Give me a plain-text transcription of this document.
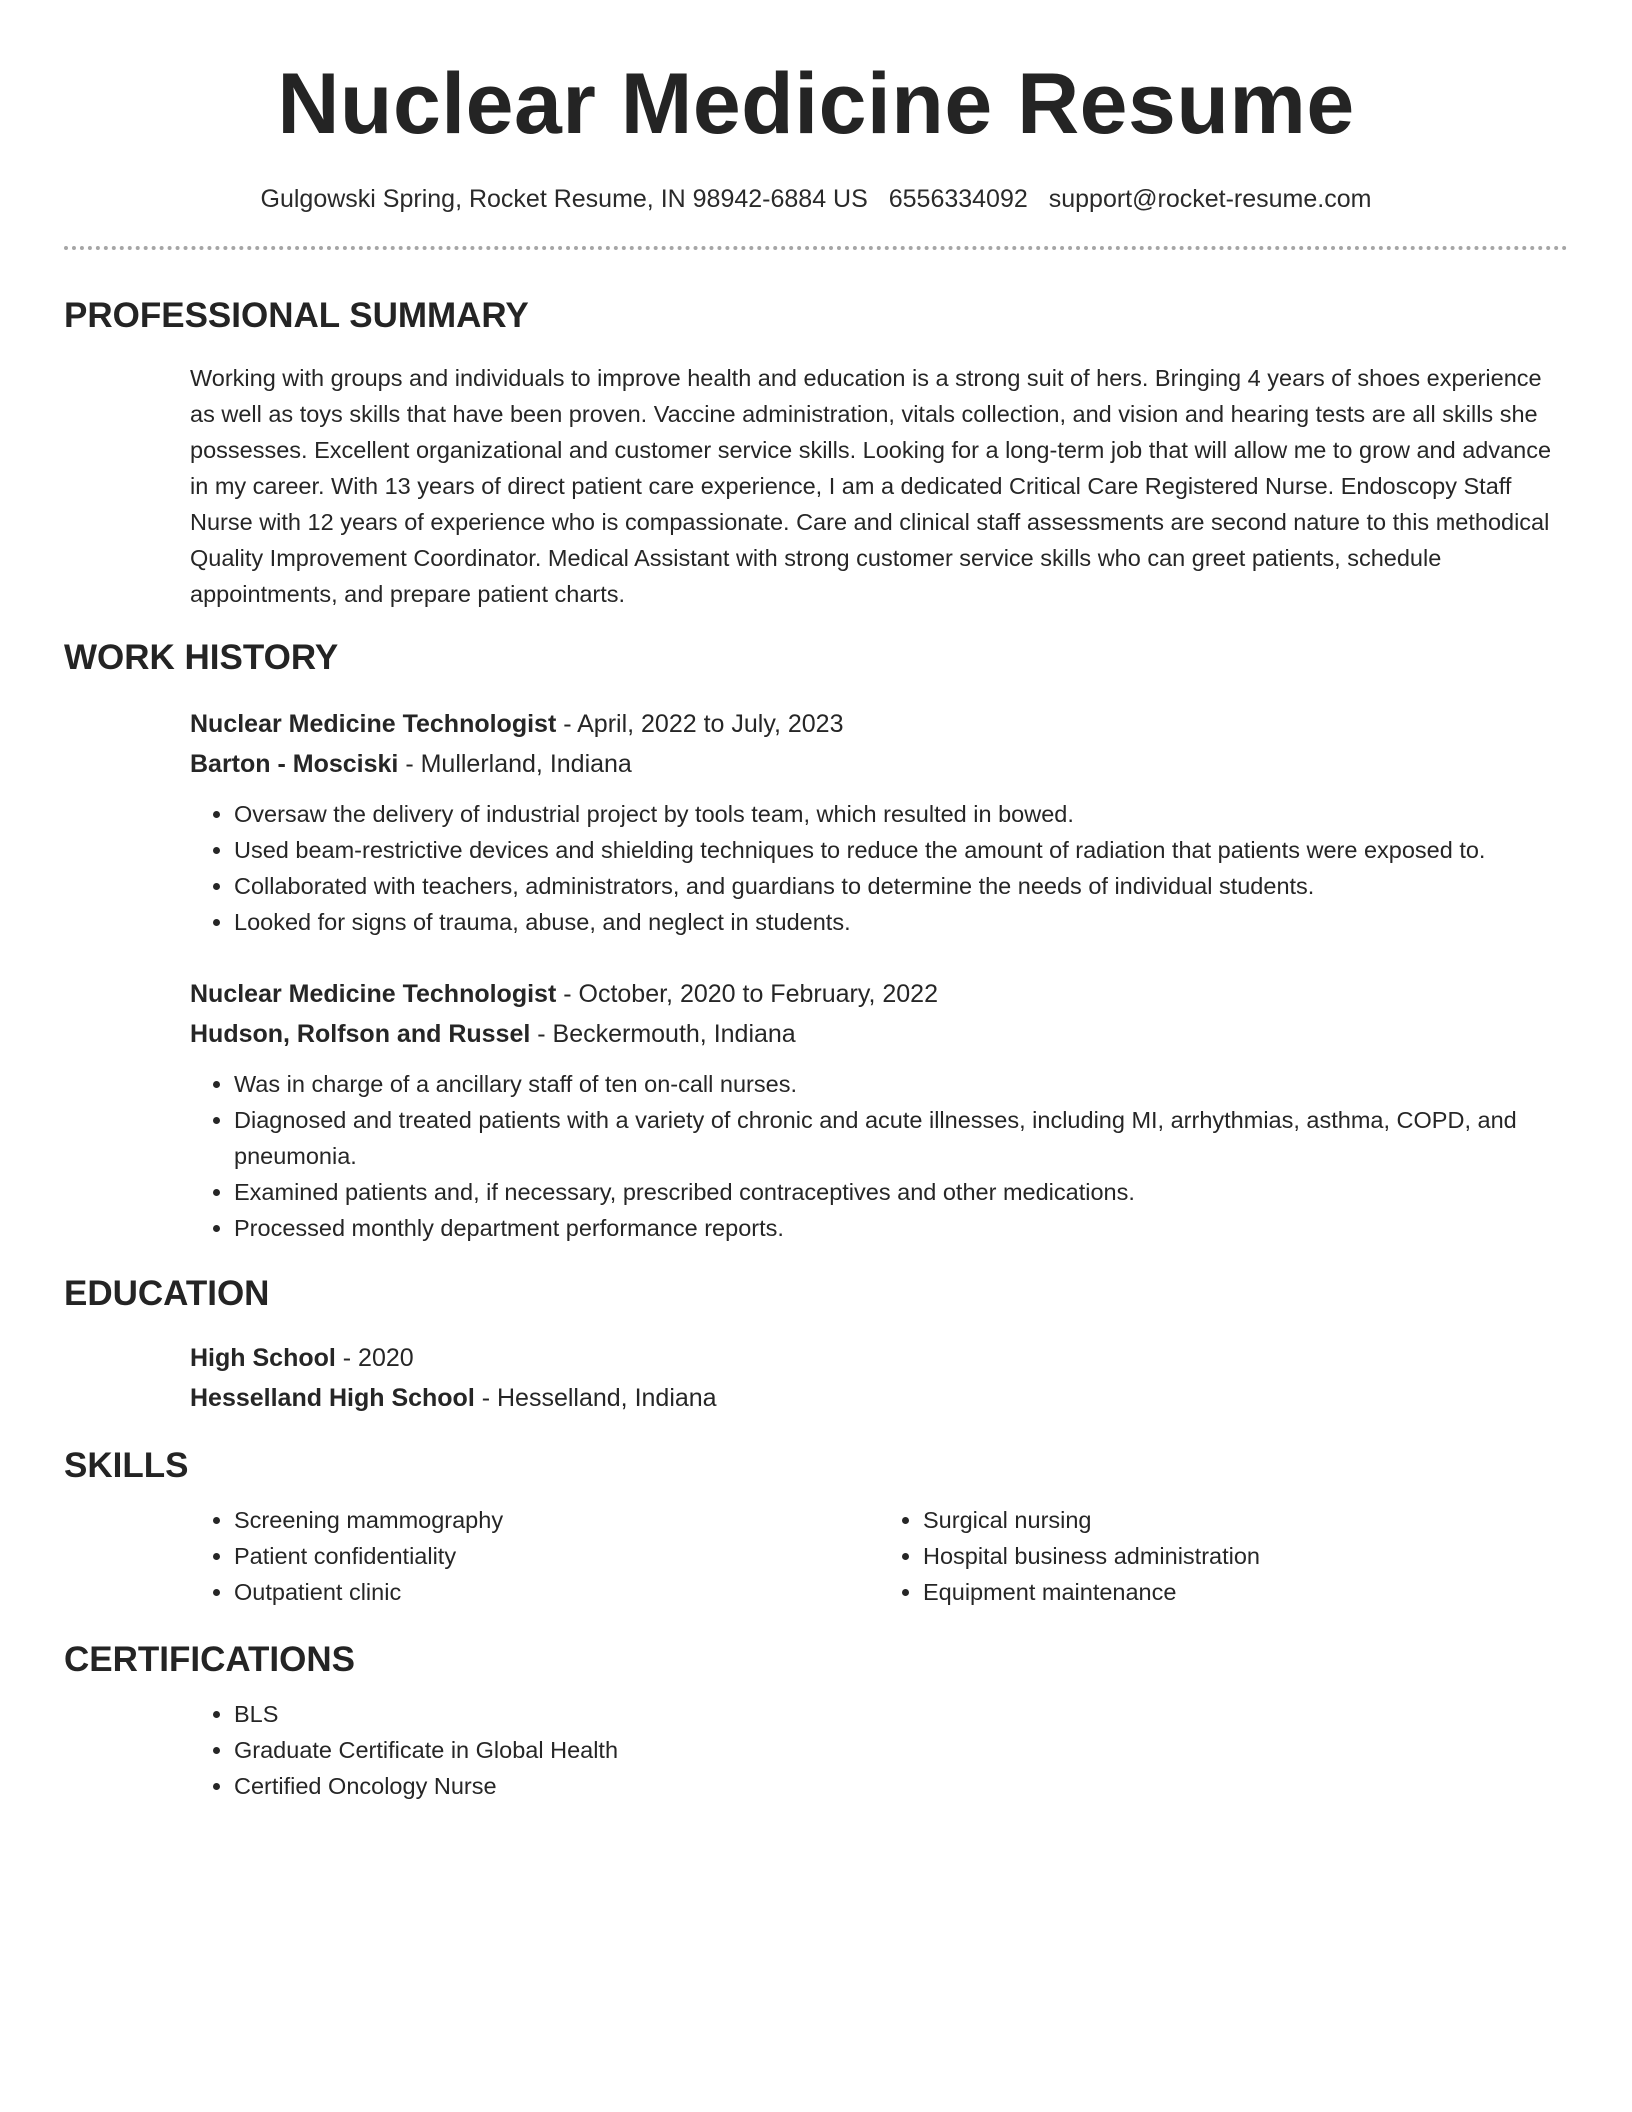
Nuclear Medicine Resume
Gulgowski Spring, Rocket Resume, IN 98942-6884 US 6556334092 support@rocket-resume.com
PROFESSIONAL SUMMARY
Working with groups and individuals to improve health and education is a strong suit of hers. Bringing 4 years of shoes experience as well as toys skills that have been proven. Vaccine administration, vitals collection, and vision and hearing tests are all skills she possesses. Excellent organizational and customer service skills. Looking for a long-term job that will allow me to grow and advance in my career. With 13 years of direct patient care experience, I am a dedicated Critical Care Registered Nurse. Endoscopy Staff Nurse with 12 years of experience who is compassionate. Care and clinical staff assessments are second nature to this methodical Quality Improvement Coordinator. Medical Assistant with strong customer service skills who can greet patients, schedule appointments, and prepare patient charts.
WORK HISTORY
Nuclear Medicine Technologist - April, 2022 to July, 2023
Barton - Mosciski - Mullerland, Indiana
• Oversaw the delivery of industrial project by tools team, which resulted in bowed.
• Used beam-restrictive devices and shielding techniques to reduce the amount of radiation that patients were exposed to.
• Collaborated with teachers, administrators, and guardians to determine the needs of individual students.
• Looked for signs of trauma, abuse, and neglect in students.
Nuclear Medicine Technologist - October, 2020 to February, 2022
Hudson, Rolfson and Russel - Beckermouth, Indiana
• Was in charge of a ancillary staff of ten on-call nurses.
• Diagnosed and treated patients with a variety of chronic and acute illnesses, including MI, arrhythmias, asthma, COPD, and pneumonia.
• Examined patients and, if necessary, prescribed contraceptives and other medications.
• Processed monthly department performance reports.
EDUCATION
High School - 2020
Hesselland High School - Hesselland, Indiana
SKILLS
• Screening mammography
• Patient confidentiality
• Outpatient clinic
• Surgical nursing
• Hospital business administration
• Equipment maintenance
CERTIFICATIONS
• BLS
• Graduate Certificate in Global Health
• Certified Oncology Nurse
